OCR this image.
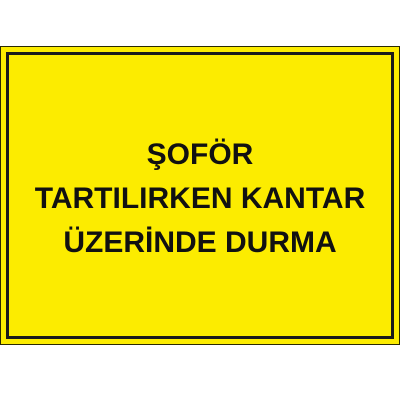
ŞOFÖR
TARTILIRKEN KANTAR
ÜZERİNDE DURMA
